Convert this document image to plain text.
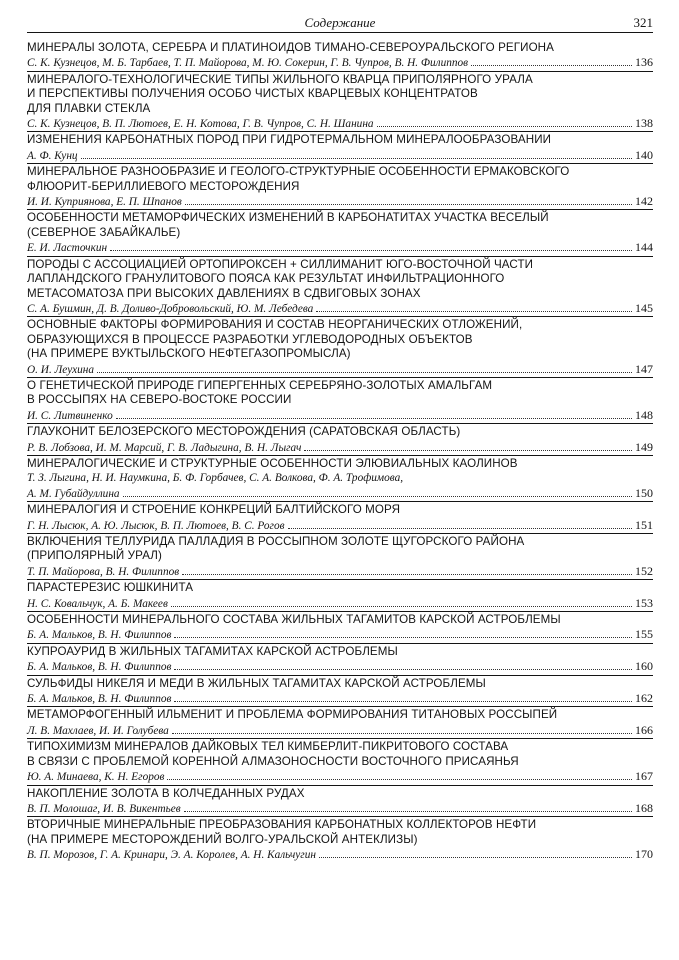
Содержание	321
МИНЕРАЛЫ ЗОЛОТА, СЕРЕБРА И ПЛАТИНОИДОВ ТИМАНО-СЕВЕРОУРАЛЬСКОГО РЕГИОНА
С. К. Кузнецов, М. Б. Тарбаев, Т. П. Майорова, М. Ю. Сокерин, Г. В. Чупров, В. Н. Филиппов	136
МИНЕРАЛОГО-ТЕХНОЛОГИЧЕСКИЕ ТИПЫ ЖИЛЬНОГО КВАРЦА ПРИПОЛЯРНОГО УРАЛА
И ПЕРСПЕКТИВЫ ПОЛУЧЕНИЯ ОСОБО ЧИСТЫХ КВАРЦЕВЫХ КОНЦЕНТРАТОВ
ДЛЯ ПЛАВКИ СТЕКЛА
С. К. Кузнецов, В. П. Лютоев, Е. Н. Котова, Г. В. Чупров, С. Н. Шанина	138
ИЗМЕНЕНИЯ КАРБОНАТНЫХ ПОРОД ПРИ ГИДРОТЕРМАЛЬНОМ МИНЕРАЛООБРАЗОВАНИИ
А. Ф. Кунц	140
МИНЕРАЛЬНОЕ РАЗНООБРАЗИЕ И ГЕОЛОГО-СТРУКТУРНЫЕ ОСОБЕННОСТИ ЕРМАКОВСКОГО
ФЛЮОРИТ-БЕРИЛЛИЕВОГО МЕСТОРОЖДЕНИЯ
И. И. Куприянова, Е. П. Шпанов	142
ОСОБЕННОСТИ МЕТАМОРФИЧЕСКИХ ИЗМЕНЕНИЙ В КАРБОНАТИТАХ УЧАСТКА ВЕСЕЛЫЙ
(СЕВЕРНОЕ ЗАБАЙКАЛЬЕ)
Е. И. Ласточкин	144
ПОРОДЫ С АССОЦИАЦИЕЙ ОРТОПИРОКСЕН + СИЛЛИМАНИТ ЮГО-ВОСТОЧНОЙ ЧАСТИ
ЛАПЛАНДСКОГО ГРАНУЛИТОВОГО ПОЯСА КАК РЕЗУЛЬТАТ ИНФИЛЬТРАЦИОННОГО
МЕТАСОМАТОЗА ПРИ ВЫСОКИХ ДАВЛЕНИЯХ В СДВИГОВЫХ ЗОНАХ
С. А. Бушмин, Д. В. Доливо-Добровольский, Ю. М. Лебедева	145
ОСНОВНЫЕ ФАКТОРЫ ФОРМИРОВАНИЯ И СОСТАВ НЕОРГАНИЧЕСКИХ ОТЛОЖЕНИЙ,
ОБРАЗУЮЩИХСЯ В ПРОЦЕССЕ РАЗРАБОТКИ УГЛЕВОДОРОДНЫХ ОБЪЕКТОВ
(НА ПРИМЕРЕ ВУКТЫЛЬСКОГО НЕФТЕГАЗОПРОМЫСЛА)
О. И. Леухина	147
О ГЕНЕТИЧЕСКОЙ ПРИРОДЕ ГИПЕРГЕННЫХ СЕРЕБРЯНО-ЗОЛОТЫХ АМАЛЬГАМ
В РОССЫПЯХ НА СЕВЕРО-ВОСТОКЕ РОССИИ
И. С. Литвиненко	148
ГЛАУКОНИТ БЕЛОЗЕРСКОГО МЕСТОРОЖДЕНИЯ (САРАТОВСКАЯ ОБЛАСТЬ)
Р. В. Лобзова, И. М. Марсий, Г. В. Ладыгина, В. Н. Лыгач	149
МИНЕРАЛОГИЧЕСКИЕ И СТРУКТУРНЫЕ ОСОБЕННОСТИ ЭЛЮВИАЛЬНЫХ КАОЛИНОВ
Т. З. Лыгина, Н. И. Наумкина, Б. Ф. Горбачев, С. А. Волкова, Ф. А. Трофимова,
А. М. Губайдуллина	150
МИНЕРАЛОГИЯ И СТРОЕНИЕ КОНКРЕЦИЙ БАЛТИЙСКОГО МОРЯ
Г. Н. Лысюк, А. Ю. Лысюк, В. П. Лютоев, В. С. Рогов	151
ВКЛЮЧЕНИЯ ТЕЛЛУРИДА ПАЛЛАДИЯ В РОССЫПНОМ ЗОЛОТЕ ЩУГОРСКОГО РАЙОНА
(ПРИПОЛЯРНЫЙ УРАЛ)
Т. П. Майорова, В. Н. Филиппов	152
ПАРАСТЕРЕЗИС ЮШКИНИТА
Н. С. Ковальчук, А. Б. Макеев	153
ОСОБЕННОСТИ МИНЕРАЛЬНОГО СОСТАВА ЖИЛЬНЫХ ТАГАМИТОВ КАРСКОЙ АСТРОБЛЕМЫ
Б. А. Мальков, В. Н. Филиппов	155
КУПРОАУРИД В ЖИЛЬНЫХ ТАГАМИТАХ КАРСКОЙ АСТРОБЛЕМЫ
Б. А. Мальков, В. Н. Филиппов	160
СУЛЬФИДЫ НИКЕЛЯ И МЕДИ В ЖИЛЬНЫХ ТАГАМИТАХ КАРСКОЙ АСТРОБЛЕМЫ
Б. А. Мальков, В. Н. Филиппов	162
МЕТАМОРФОГЕННЫЙ ИЛЬМЕНИТ И ПРОБЛЕМА ФОРМИРОВАНИЯ ТИТАНОВЫХ РОССЫПЕЙ
Л. В. Махлаев, И. И. Голубева	166
ТИПОХИМИЗМ МИНЕРАЛОВ ДАЙКОВЫХ ТЕЛ КИМБЕРЛИТ-ПИКРИТОВОГО СОСТАВА
В СВЯЗИ С ПРОБЛЕМОЙ КОРЕННОЙ АЛМАЗОНОСНОСТИ ВОСТОЧНОГО ПРИСАЯНЬЯ
Ю. А. Минаева, К. Н. Егоров	167
НАКОПЛЕНИЕ ЗОЛОТА В КОЛЧЕДАННЫХ РУДАХ
В. П. Молошаг, И. В. Викентьев	168
ВТОРИЧНЫЕ МИНЕРАЛЬНЫЕ ПРЕОБРАЗОВАНИЯ КАРБОНАТНЫХ КОЛЛЕКТОРОВ НЕФТИ
(НА ПРИМЕРЕ МЕСТОРОЖДЕНИЙ ВОЛГО-УРАЛЬСКОЙ АНТЕКЛИЗЫ)
В. П. Морозов, Г. А. Кринари, Э. А. Королев, А. Н. Кальчугин	170
